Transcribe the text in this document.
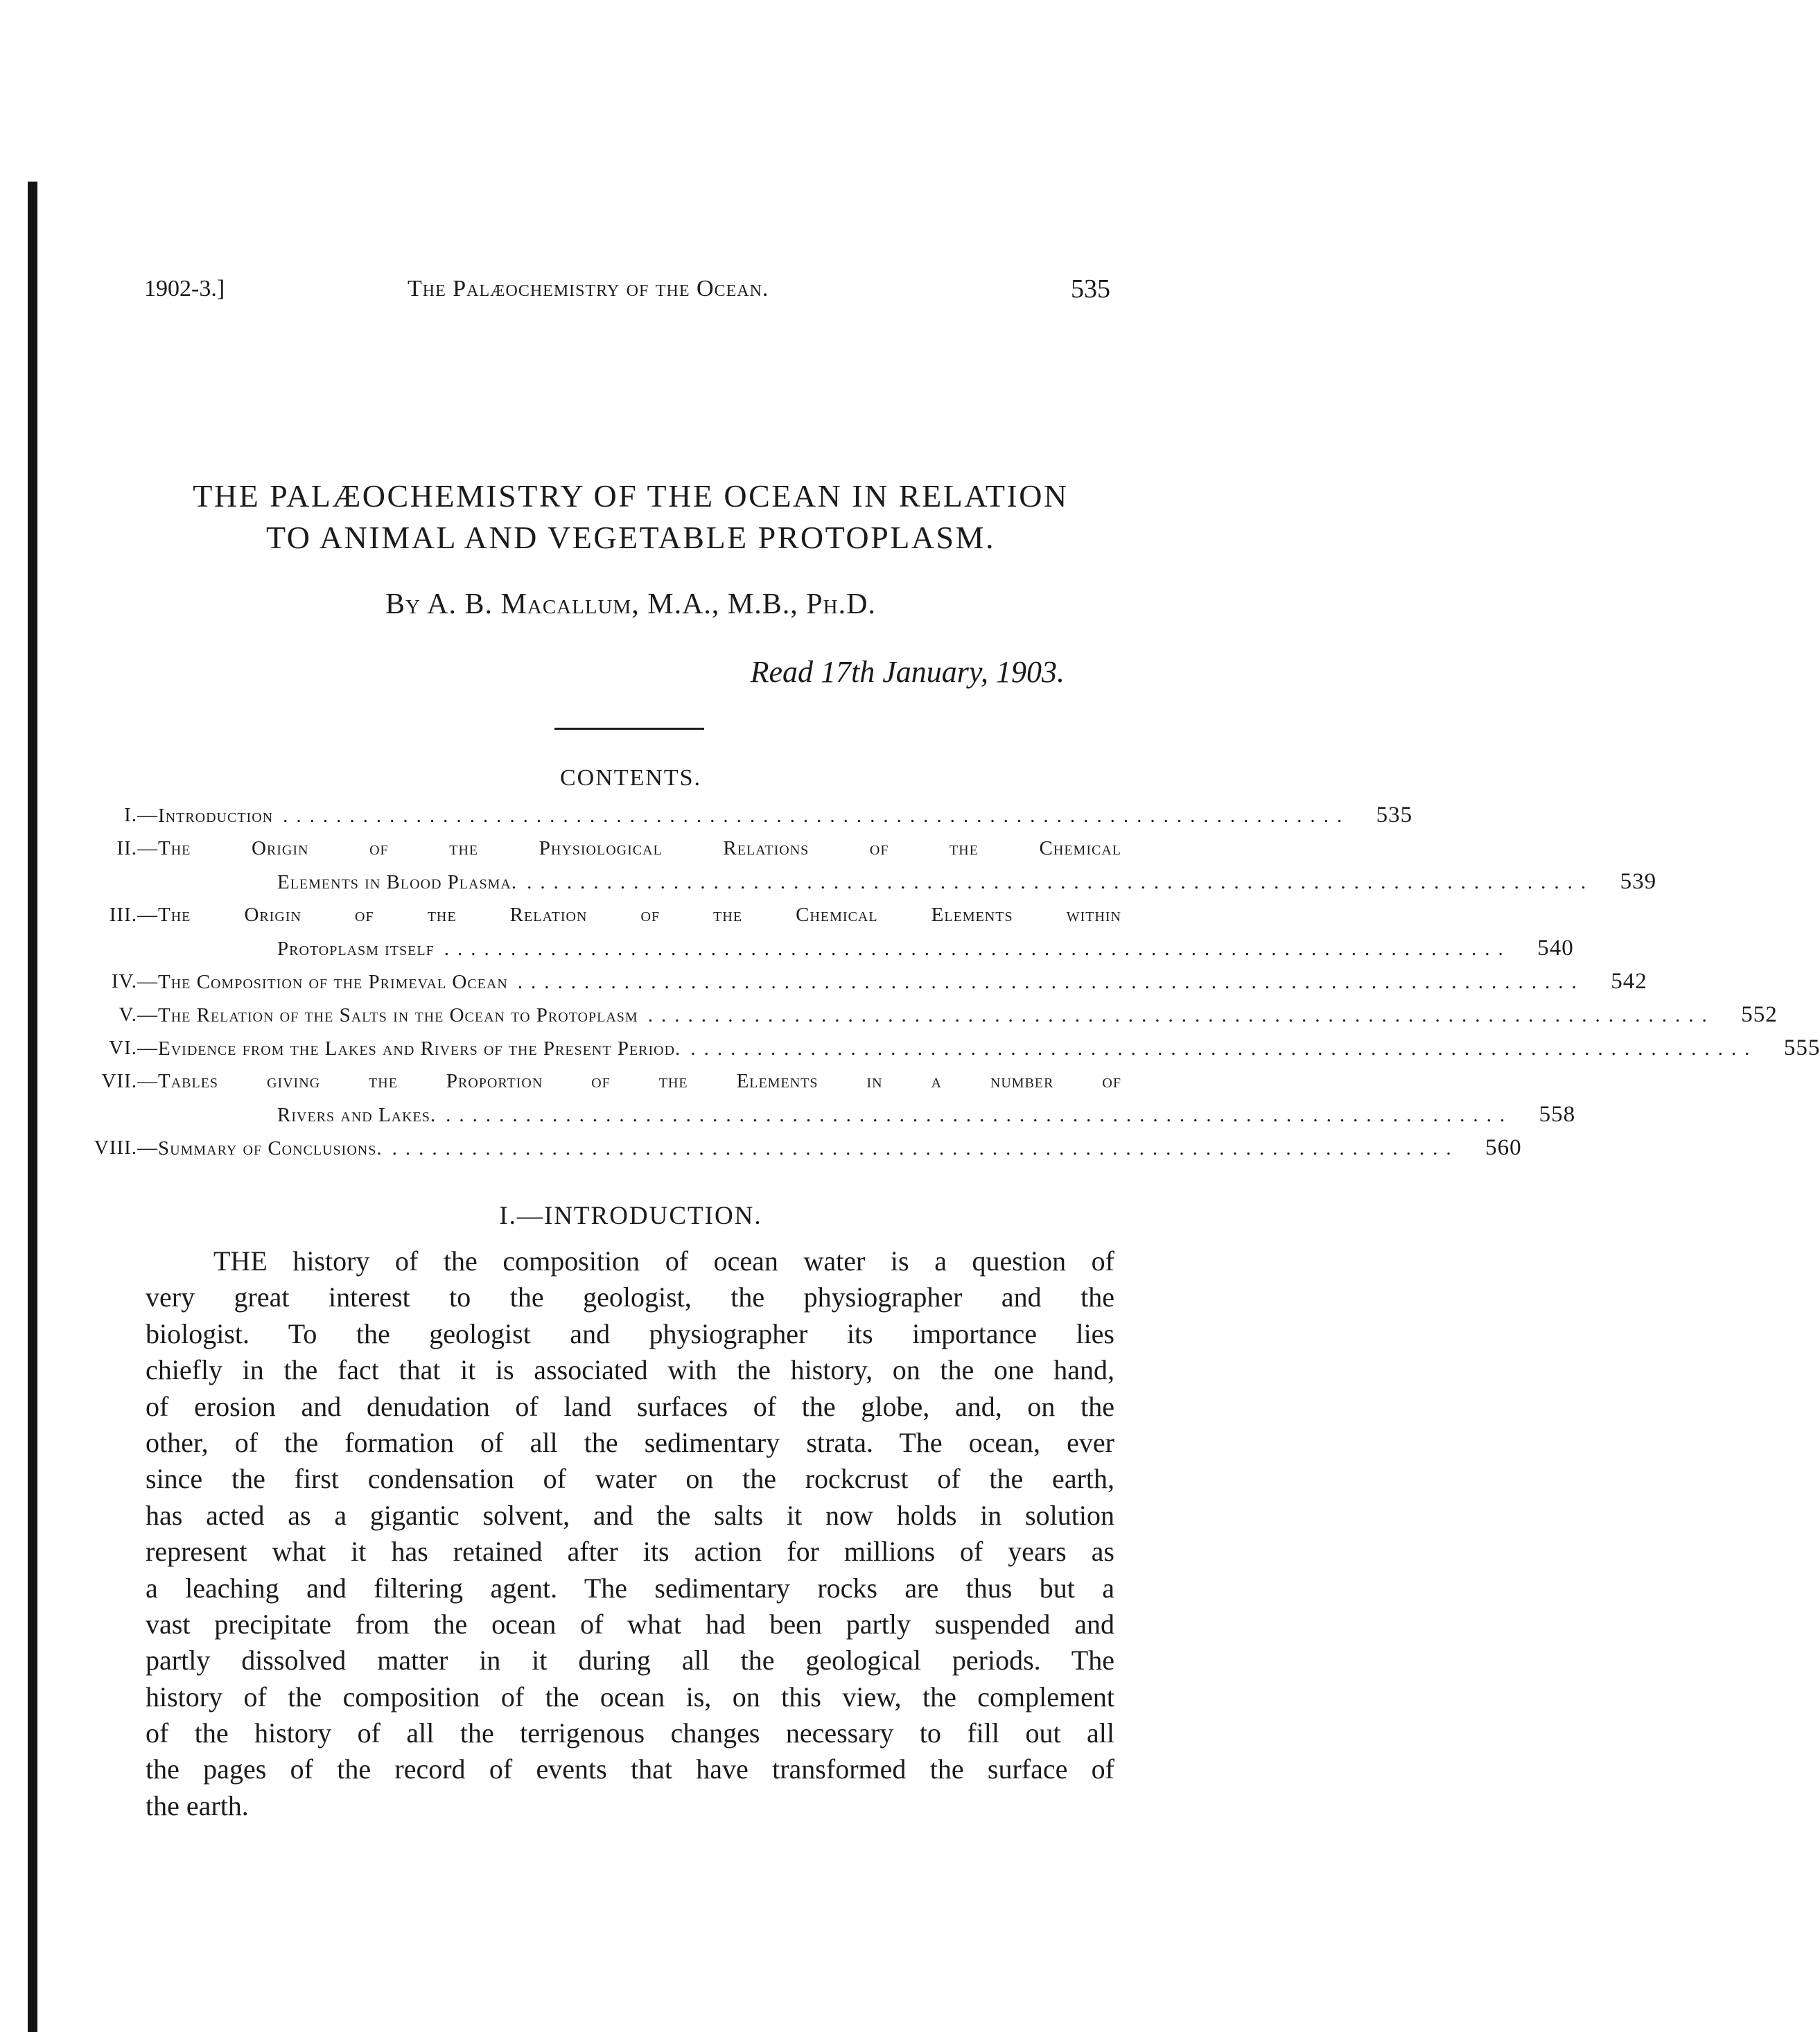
1902-3.]	The Palæochemistry of the Ocean.	535
THE PALÆOCHEMISTRY OF THE OCEAN IN RELATION
TO ANIMAL AND VEGETABLE PROTOPLASM.
By A. B. Macallum, M.A., M.B., Ph.D.
Read 17th January, 1903.
CONTENTS.
I.— Introduction ................................................................................	535
II.— The Origin of the Physiological Relations of the Chemical
Elements in Blood Plasma. ................................................................................	539
III.— The Origin of the Relation of the Chemical Elements within
Protoplasm itself ................................................................................	540
IV.— The Composition of the Primeval Ocean ................................................................................	542
V.— The Relation of the Salts in the Ocean to Protoplasm ................................................................................	552
VI.— Evidence from the Lakes and Rivers of the Present Period. ................................................................................	555
VII.— Tables giving the Proportion of the Elements in a number of
Rivers and Lakes. ................................................................................	558
VIII.— Summary of Conclusions. ................................................................................	560
I.—INTRODUCTION.
THE history of the composition of ocean water is a question of
very great interest to the geologist, the physiographer and the
biologist. To the geologist and physiographer its importance lies
chiefly in the fact that it is associated with the history, on the one hand,
of erosion and denudation of land surfaces of the globe, and, on the
other, of the formation of all the sedimentary strata. The ocean, ever
since the first condensation of water on the rockcrust of the earth,
has acted as a gigantic solvent, and the salts it now holds in solution
represent what it has retained after its action for millions of years as
a leaching and filtering agent. The sedimentary rocks are thus but a
vast precipitate from the ocean of what had been partly suspended and
partly dissolved matter in it during all the geological periods. The
history of the composition of the ocean is, on this view, the complement
of the history of all the terrigenous changes necessary to fill out all
the pages of the record of events that have transformed the surface of
the earth.
